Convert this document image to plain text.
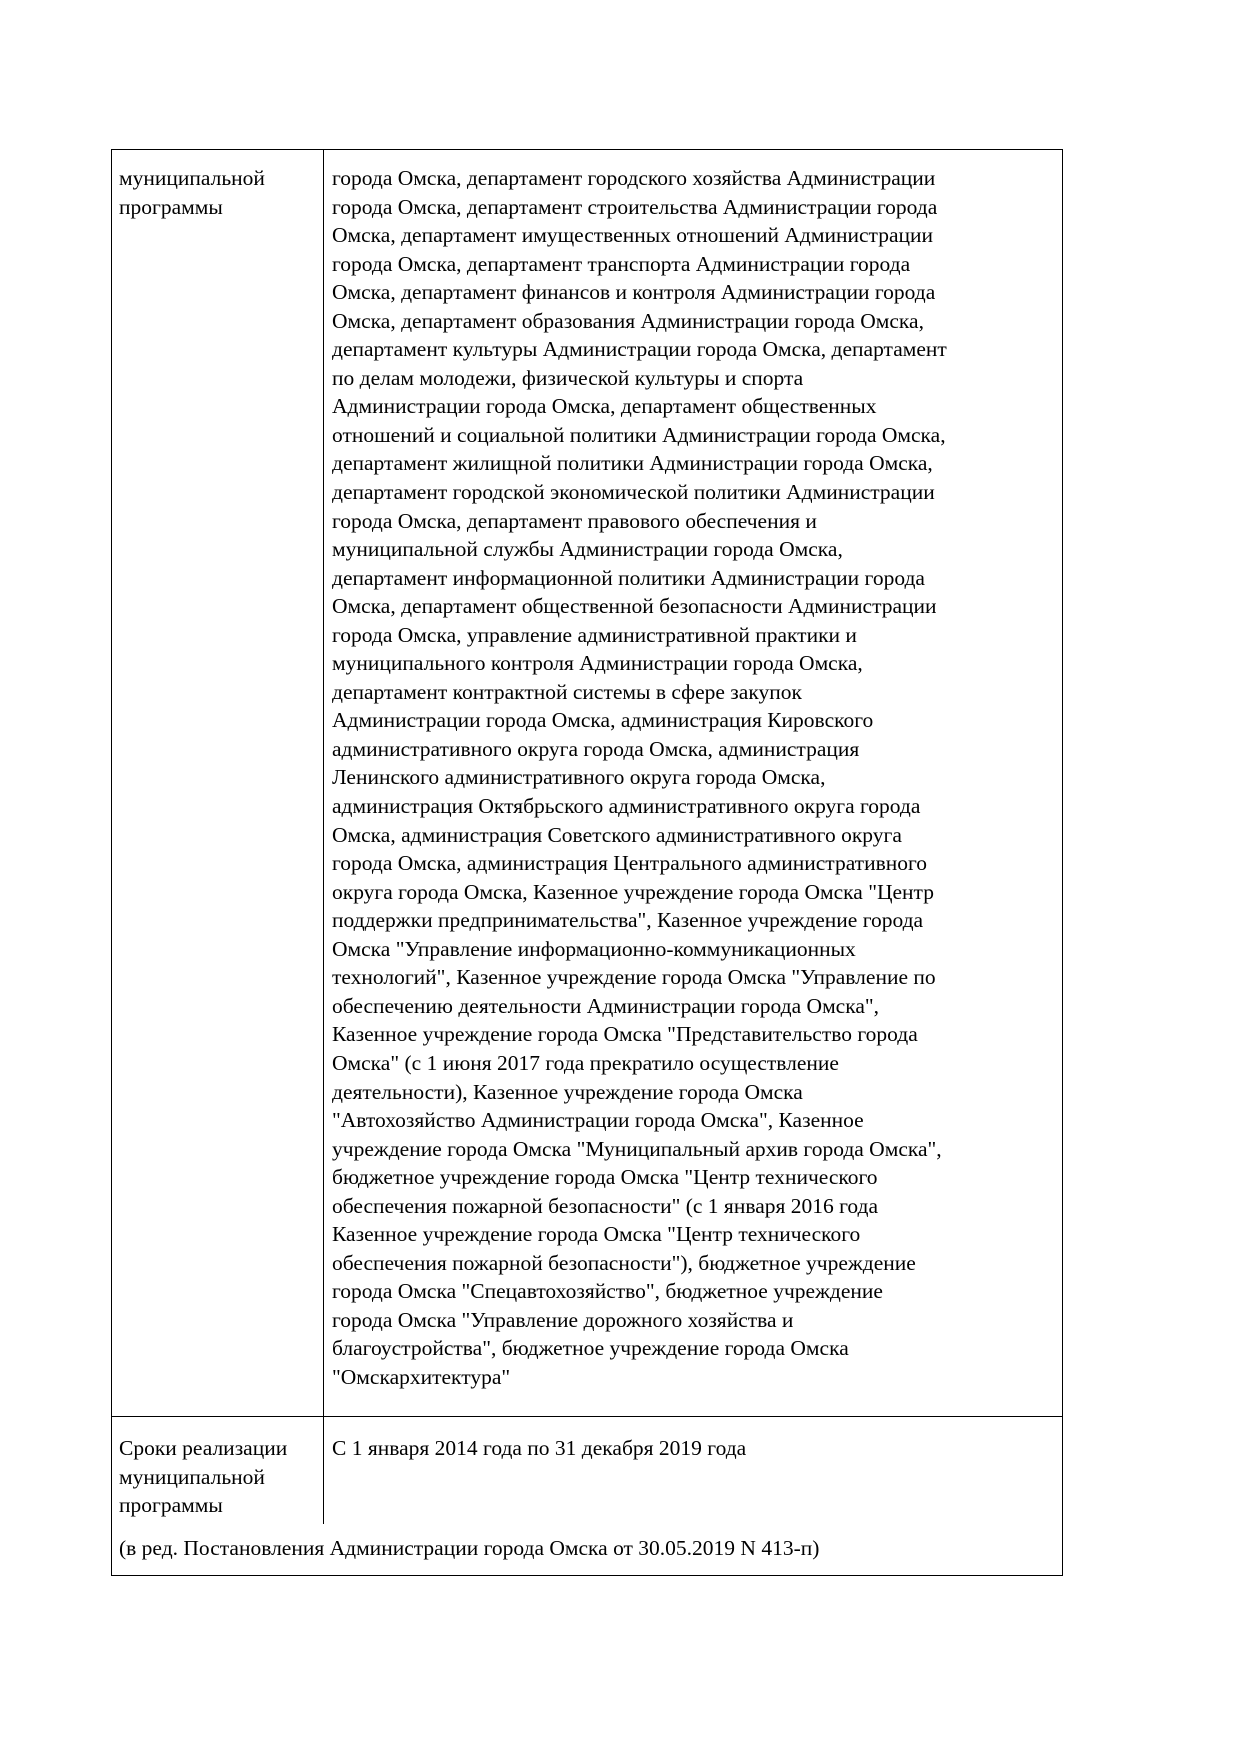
муниципальной
программы
города Омска, департамент городского хозяйства Администрации
города Омска, департамент строительства Администрации города
Омска, департамент имущественных отношений Администрации
города Омска, департамент транспорта Администрации города
Омска, департамент финансов и контроля Администрации города
Омска, департамент образования Администрации города Омска,
департамент культуры Администрации города Омска, департамент
по делам молодежи, физической культуры и спорта
Администрации города Омска, департамент общественных
отношений и социальной политики Администрации города Омска,
департамент жилищной политики Администрации города Омска,
департамент городской экономической политики Администрации
города Омска, департамент правового обеспечения и
муниципальной службы Администрации города Омска,
департамент информационной политики Администрации города
Омска, департамент общественной безопасности Администрации
города Омска, управление административной практики и
муниципального контроля Администрации города Омска,
департамент контрактной системы в сфере закупок
Администрации города Омска, администрация Кировского
административного округа города Омска, администрация
Ленинского административного округа города Омска,
администрация Октябрьского административного округа города
Омска, администрация Советского административного округа
города Омска, администрация Центрального административного
округа города Омска, Казенное учреждение города Омска "Центр
поддержки предпринимательства", Казенное учреждение города
Омска "Управление информационно-коммуникационных
технологий", Казенное учреждение города Омска "Управление по
обеспечению деятельности Администрации города Омска",
Казенное учреждение города Омска "Представительство города
Омска" (с 1 июня 2017 года прекратило осуществление
деятельности), Казенное учреждение города Омска
"Автохозяйство Администрации города Омска", Казенное
учреждение города Омска "Муниципальный архив города Омска",
бюджетное учреждение города Омска "Центр технического
обеспечения пожарной безопасности" (с 1 января 2016 года
Казенное учреждение города Омска "Центр технического
обеспечения пожарной безопасности"), бюджетное учреждение
города Омска "Спецавтохозяйство", бюджетное учреждение
города Омска "Управление дорожного хозяйства и
благоустройства", бюджетное учреждение города Омска
"Омскархитектура"
Сроки реализации
муниципальной
программы
С 1 января 2014 года по 31 декабря 2019 года
(в ред. Постановления Администрации города Омска от 30.05.2019 N 413-п)
